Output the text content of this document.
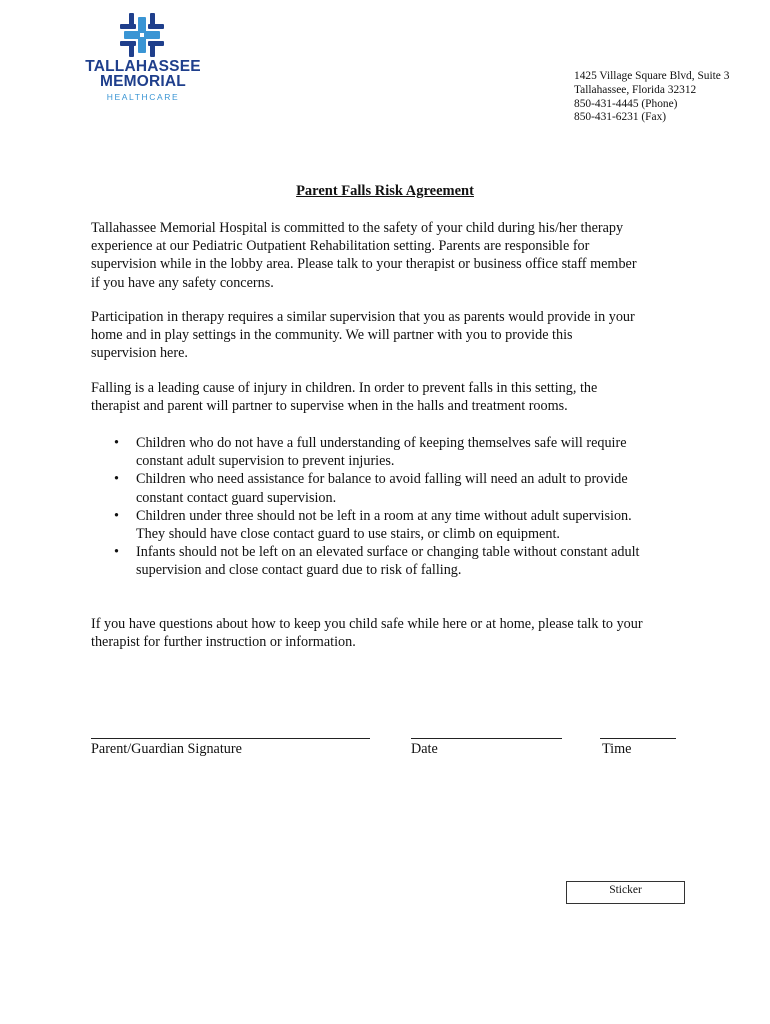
TALLAHASSEE
MEMORIAL
HEALTHCARE
1425 Village Square Blvd, Suite 3
Tallahassee, Florida 32312
850-431-4445 (Phone)
850-431-6231 (Fax)
Parent Falls Risk Agreement
Tallahassee Memorial Hospital is committed to the safety of your child during his/her therapy
experience at our Pediatric Outpatient Rehabilitation setting. Parents are responsible for
supervision while in the lobby area. Please talk to your therapist or business office staff member
if you have any safety concerns.
Participation in therapy requires a similar supervision that you as parents would provide in your
home and in play settings in the community. We will partner with you to provide this
supervision here.
Falling is a leading cause of injury in children. In order to prevent falls in this setting, the
therapist and parent will partner to supervise when in the halls and treatment rooms.
• Children who do not have a full understanding of keeping themselves safe will require
constant adult supervision to prevent injuries.
• Children who need assistance for balance to avoid falling will need an adult to provide
constant contact guard supervision.
• Children under three should not be left in a room at any time without adult supervision.
They should have close contact guard to use stairs, or climb on equipment.
• Infants should not be left on an elevated surface or changing table without constant adult
supervision and close contact guard due to risk of falling.
If you have questions about how to keep you child safe while here or at home, please talk to your
therapist for further instruction or information.
Parent/Guardian Signature	Date	Time
Sticker
